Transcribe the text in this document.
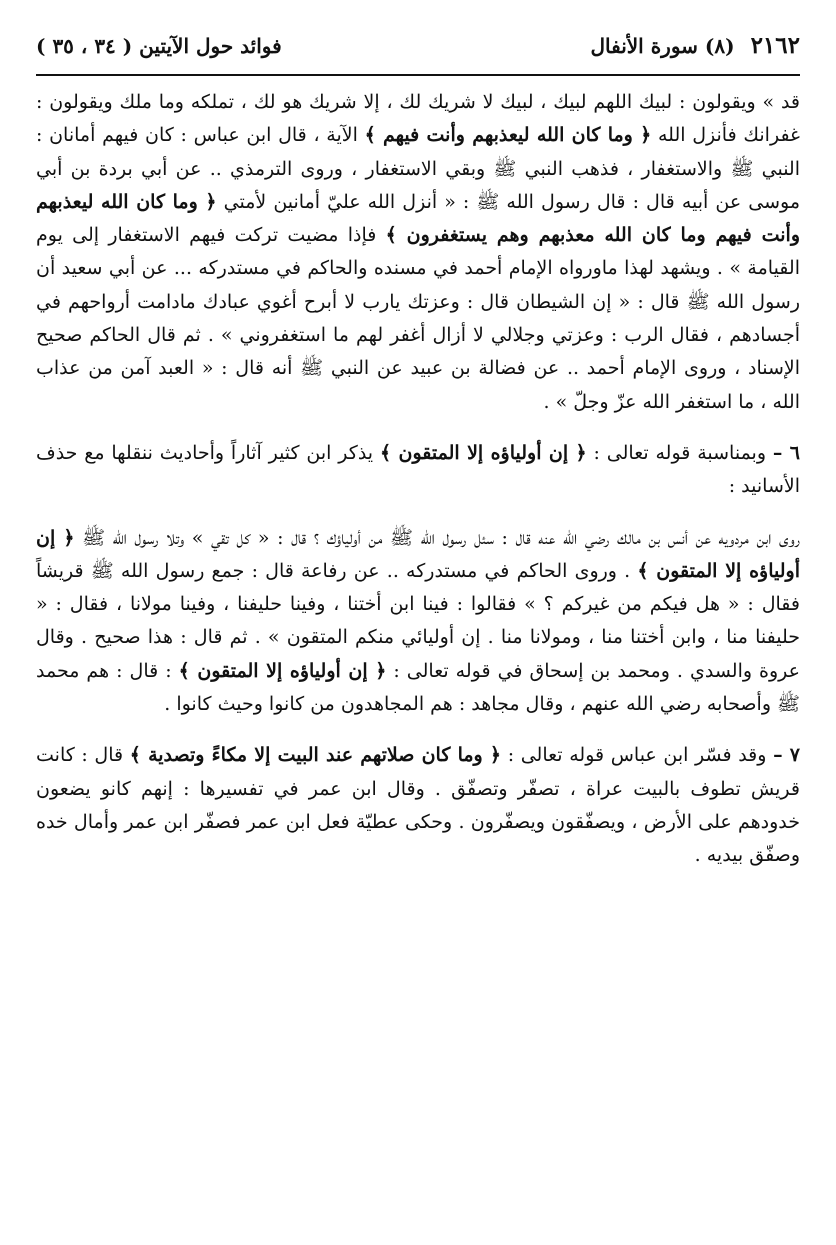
٢١٦٢
(٨) سورة الأنفال
فوائد حول الآيتين ( ٣٤ ، ٣٥ )

قد » ويقولون : لبيك اللهم لبيك ، لبيك لا شريك لك ، إلا شريك هو لك ، تملكه وما ملك ويقولون : غفرانك فأنزل الله ﴿ وما كان الله ليعذبهم وأنت فيهم ﴾ الآية ، قال ابن عباس : كان فيهم أمانان : النبي ﷺ والاستغفار ، فذهب النبي ﷺ وبقي الاستغفار ، وروى الترمذي .. عن أبي بردة بن أبي موسى عن أبيه قال : قال رسول الله ﷺ : « أنزل الله عليّ أمانين لأمتي ﴿ وما كان الله ليعذبهم وأنت فيهم وما كان الله معذبهم وهم يستغفرون ﴾ فإذا مضيت تركت فيهم الاستغفار إلى يوم القيامة » . ويشهد لهذا ماورواه الإمام أحمد في مسنده والحاكم في مستدركه ... عن أبي سعيد أن رسول الله ﷺ قال : « إن الشيطان قال : وعزتك يارب لا أبرح أغوي عبادك مادامت أرواحهم في أجسادهم ، فقال الرب : وعزتي وجلالي لا أزال أغفر لهم ما استغفروني » . ثم قال الحاكم صحيح الإسناد ، وروى الإمام أحمد .. عن فضالة بن عبيد عن النبي ﷺ أنه قال : « العبد آمن من عذاب الله ، ما استغفر الله عزّ وجلّ » .

٦ – وبمناسبة قوله تعالى : ﴿ إن أولياؤه إلا المتقون ﴾ يذكر ابن كثير آثاراً وأحاديث ننقلها مع حذف الأسانيد :

روى ابن مردويه عن أنس بن مالك رضي الله عنه قال : سئل رسول الله ﷺ من أولياؤك ؟ قال : « كل تقي » وتلا رسول الله ﷺ ﴿ إن أولياؤه إلا المتقون ﴾ . وروى الحاكم في مستدركه .. عن رفاعة قال : جمع رسول الله ﷺ قريشاً فقال : « هل فيكم من غيركم ؟ » فقالوا : فينا ابن أختنا ، وفينا حليفنا ، وفينا مولانا ، فقال : « حليفنا منا ، وابن أختنا منا ، ومولانا منا . إن أوليائي منكم المتقون » . ثم قال : هذا صحيح . وقال عروة والسدي . ومحمد بن إسحاق في قوله تعالى : ﴿ إن أولياؤه إلا المتقون ﴾ : قال : هم محمد ﷺ وأصحابه رضي الله عنهم ، وقال مجاهد : هم المجاهدون من كانوا وحيث كانوا .

٧ – وقد فسّر ابن عباس قوله تعالى : ﴿ وما كان صلاتهم عند البيت إلا مكاءً وتصدية ﴾ قال : كانت قريش تطوف بالبيت عراة ، تصفّر وتصفّق . وقال ابن عمر في تفسيرها : إنهم كانو يضعون خدودهم على الأرض ، ويصفّقون ويصفّرون . وحكى عطيّة فعل ابن عمر فصفّر ابن عمر وأمال خده وصفّق بيديه .
